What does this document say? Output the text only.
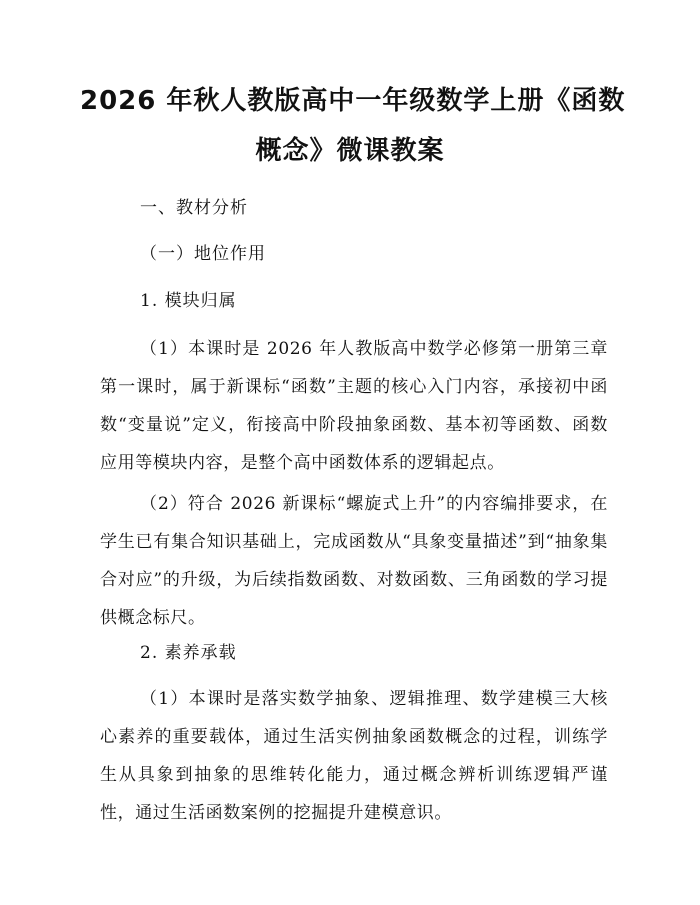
2026 年秋人教版高中一年级数学上册《函数
概念》微课教案
一、教材分析
（一）地位作用
1. 模块归属
（1）本课时是 2026 年人教版高中数学必修第一册第三章第一课时，属于新课标“函数”主题的核心入门内容，承接初中函数“变量说”定义，衔接高中阶段抽象函数、基本初等函数、函数应用等模块内容，是整个高中函数体系的逻辑起点。
（2）符合 2026 新课标“螺旋式上升”的内容编排要求，在学生已有集合知识基础上，完成函数从“具象变量描述”到“抽象集合对应”的升级，为后续指数函数、对数函数、三角函数的学习提供概念标尺。
2. 素养承载
（1）本课时是落实数学抽象、逻辑推理、数学建模三大核心素养的重要载体，通过生活实例抽象函数概念的过程，训练学生从具象到抽象的思维转化能力，通过概念辨析训练逻辑严谨性，通过生活函数案例的挖掘提升建模意识。
